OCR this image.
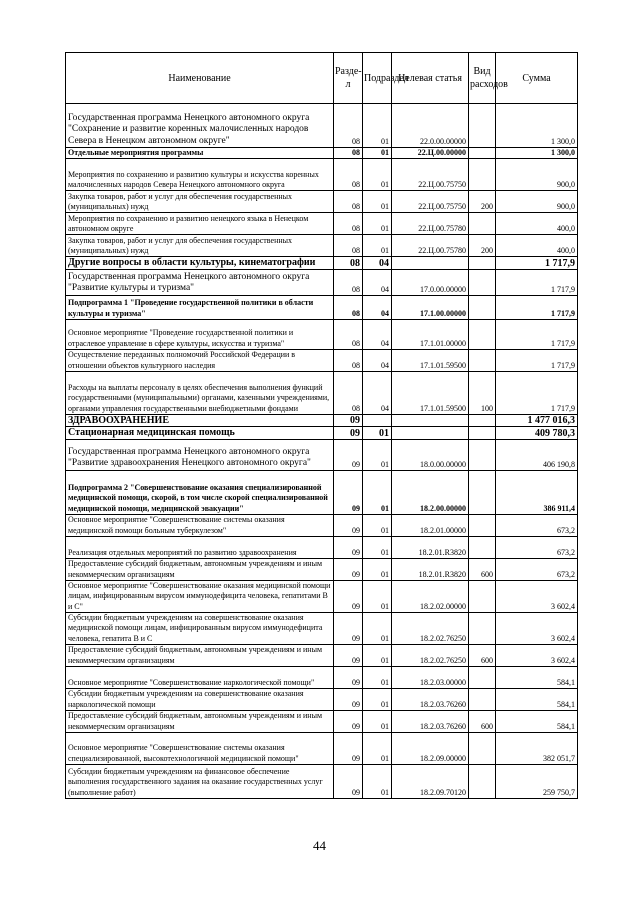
Наименование	Раздел	Подраздел	Целевая статья	Вид расходов	Сумма
Государственная программа Ненецкого автономного округа "Сохранение и развитие коренных малочисленных народов Севера в Ненецком автономном округе"	08	01	22.0.00.00000		1 300,0
Отдельные мероприятия программы	08	01	22.Ц.00.00000		1 300,0
Мероприятия по сохранению и развитию культуры и искусства коренных малочисленных народов Севера Ненецкого автономного округа	08	01	22.Ц.00.75750		900,0
Закупка товаров, работ и услуг для обеспечения государственных (муниципальных) нужд	08	01	22.Ц.00.75750	200	900,0
Мероприятия по сохранению и развитию ненецкого языка в Ненецком автономном округе	08	01	22.Ц.00.75780		400,0
Закупка товаров, работ и услуг для обеспечения государственных (муниципальных) нужд	08	01	22.Ц.00.75780	200	400,0
Другие вопросы в области культуры, кинематографии	08	04			1 717,9
Государственная программа Ненецкого автономного округа "Развитие культуры и туризма"	08	04	17.0.00.00000		1 717,9
Подпрограмма 1 "Проведение государственной политики в области культуры и туризма"	08	04	17.1.00.00000		1 717,9
Основное мероприятие "Проведение государственной политики и отраслевое управление в сфере культуры, искусства и туризма"	08	04	17.1.01.00000		1 717,9
Осуществление переданных полномочий Российской Федерации в отношении объектов культурного наследия	08	04	17.1.01.59500		1 717,9
Расходы на выплаты персоналу в целях обеспечения выполнения функций государственными (муниципальными) органами, казенными учреждениями, органами управления государственными внебюджетными фондами	08	04	17.1.01.59500	100	1 717,9
ЗДРАВООХРАНЕНИЕ	09				1 477 016,3
Стационарная медицинская помощь	09	01			409 780,3
Государственная программа Ненецкого автономного округа "Развитие здравоохранения Ненецкого автономного округа"	09	01	18.0.00.00000		406 190,8
Подпрограмма 2 "Совершенствование оказания специализированной медицинской помощи, скорой, в том числе скорой специализированной медицинской помощи, медицинской эвакуации"	09	01	18.2.00.00000		386 911,4
Основное мероприятие "Совершенствование системы оказания медицинской помощи больным туберкулезом"	09	01	18.2.01.00000		673,2
Реализация отдельных мероприятий по развитию здравоохранения	09	01	18.2.01.R3820		673,2
Предоставление субсидий бюджетным, автономным учреждениям и иным некоммерческим организациям	09	01	18.2.01.R3820	600	673,2
Основное мероприятие "Совершенствование оказания медицинской помощи лицам, инфицированным вирусом иммунодефицита человека, гепатитами В и С"	09	01	18.2.02.00000		3 602,4
Субсидии бюджетным учреждениям на совершенствование оказания медицинской помощи лицам, инфицированным вирусом иммунодефицита человека, гепатита В и С	09	01	18.2.02.76250		3 602,4
Предоставление субсидий бюджетным, автономным учреждениям и иным некоммерческим организациям	09	01	18.2.02.76250	600	3 602,4
Основное мероприятие "Совершенствование наркологической помощи"	09	01	18.2.03.00000		584,1
Субсидии бюджетным учреждениям на совершенствование оказания наркологической помощи	09	01	18.2.03.76260		584,1
Предоставление субсидий бюджетным, автономным учреждениям и иным некоммерческим организациям	09	01	18.2.03.76260	600	584,1
Основное мероприятие "Совершенствование системы оказания специализированной, высокотехнологичной медицинской помощи"	09	01	18.2.09.00000		382 051,7
Субсидии бюджетным учреждениям на финансовое обеспечение выполнения государственного задания на оказание государственных услуг (выполнение работ)	09	01	18.2.09.70120		259 750,7
44
